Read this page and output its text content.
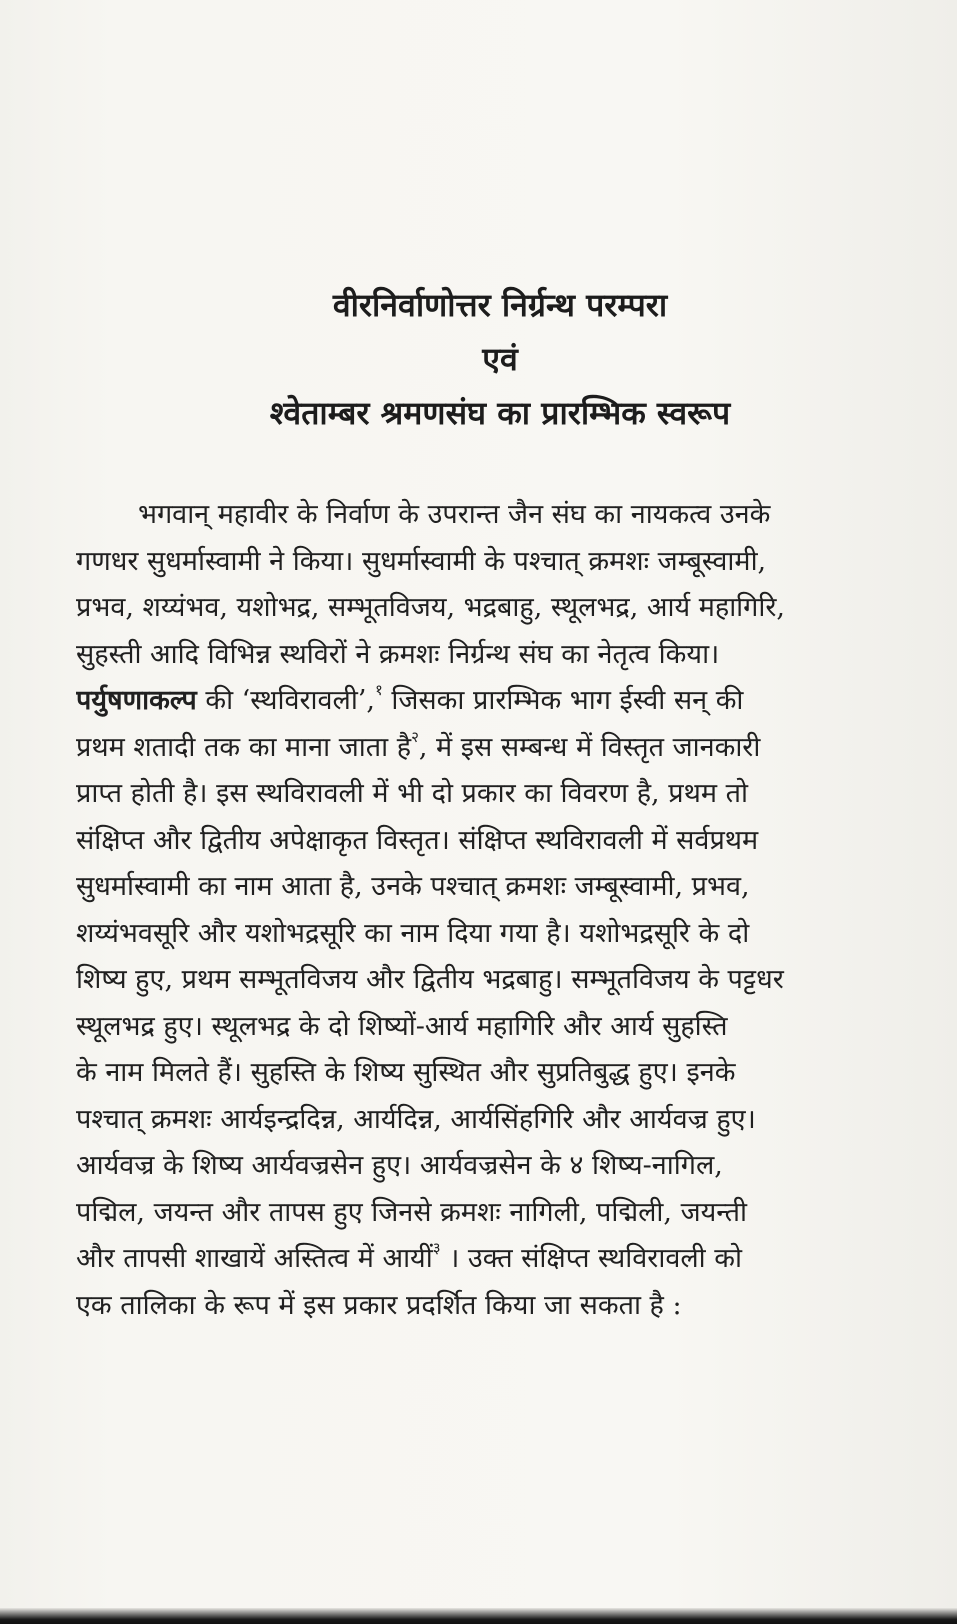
वीरनिर्वाणोत्तर निर्ग्रन्थ परम्परा
एवं
श्वेताम्बर श्रमणसंघ का प्रारम्भिक स्वरूप
भगवान् महावीर के निर्वाण के उपरान्त जैन संघ का नायकत्व उनके
गणधर सुधर्मास्वामी ने किया। सुधर्मास्वामी के पश्चात् क्रमशः जम्बूस्वामी,
प्रभव, शय्यंभव, यशोभद्र, सम्भूतविजय, भद्रबाहु, स्थूलभद्र, आर्य महागिरि,
सुहस्ती आदि विभिन्न स्थविरों ने क्रमशः निर्ग्रन्थ संघ का नेतृत्व किया।
पर्युषणाकल्प की ‘स्थविरावली’,$^१$ जिसका प्रारम्भिक भाग ईस्वी सन् की
प्रथम शतादी तक का माना जाता है$^२$, में इस सम्बन्ध में विस्तृत जानकारी
प्राप्त होती है। इस स्थविरावली में भी दो प्रकार का विवरण है, प्रथम तो
संक्षिप्त और द्वितीय अपेक्षाकृत विस्तृत। संक्षिप्त स्थविरावली में सर्वप्रथम
सुधर्मास्वामी का नाम आता है, उनके पश्चात् क्रमशः जम्बूस्वामी, प्रभव,
शय्यंभवसूरि और यशोभद्रसूरि का नाम दिया गया है। यशोभद्रसूरि के दो
शिष्य हुए, प्रथम सम्भूतविजय और द्वितीय भद्रबाहु। सम्भूतविजय के पट्टधर
स्थूलभद्र हुए। स्थूलभद्र के दो शिष्यों-आर्य महागिरि और आर्य सुहस्ति
के नाम मिलते हैं। सुहस्ति के शिष्य सुस्थित और सुप्रतिबुद्ध हुए। इनके
पश्चात् क्रमशः आर्यइन्द्रदिन्न, आर्यदिन्न, आर्यसिंहगिरि और आर्यवज्र हुए।
आर्यवज्र के शिष्य आर्यवज्रसेन हुए। आर्यवज्रसेन के ४ शिष्य-नागिल,
पद्मिल, जयन्त और तापस हुए जिनसे क्रमशः नागिली, पद्मिली, जयन्ती
और तापसी शाखायें अस्तित्व में आयीं$^३$ । उक्त संक्षिप्त स्थविरावली को
एक तालिका के रूप में इस प्रकार प्रदर्शित किया जा सकता है :
